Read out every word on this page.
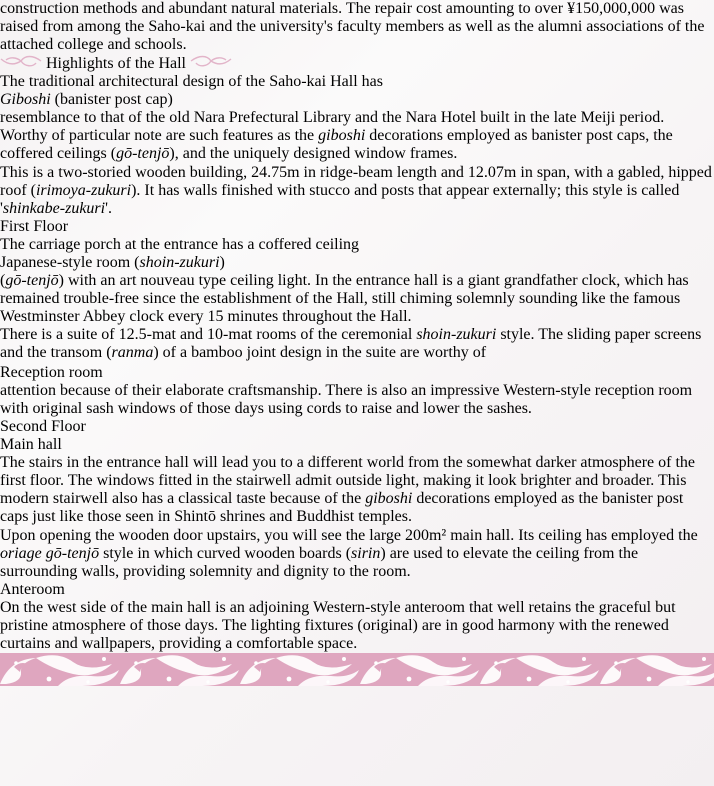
construction methods and abundant natural materials. The repair cost amounting to over ¥150,000,000 was raised from among the Saho-kai and the university's faculty members as well as the alumni associations of the attached college and schools.

Highlights of the Hall

The traditional architectural design of the Saho-kai Hall has

Giboshi (banister post cap)

resemblance to that of the old Nara Prefectural Library and the Nara Hotel built in the late Meiji period. Worthy of particular note are such features as the giboshi decorations employed as banister post caps, the coffered ceilings (gō-tenjō), and the uniquely designed window frames.

This is a two-storied wooden building, 24.75m in ridge-beam length and 12.07m in span, with a gabled, hipped roof (irimoya-zukuri). It has walls finished with stucco and posts that appear externally; this style is called 'shinkabe-zukuri'.

First Floor

The carriage porch at the entrance has a coffered ceiling

Japanese-style room (shoin-zukuri)

(gō-tenjō) with an art nouveau type ceiling light. In the entrance hall is a giant grandfather clock, which has remained trouble-free since the establishment of the Hall, still chiming solemnly sounding like the famous Westminster Abbey clock every 15 minutes throughout the Hall.

There is a suite of 12.5-mat and 10-mat rooms of the ceremonial shoin-zukuri style. The sliding paper screens and the transom (ranma) of a bamboo joint design in the suite are worthy of

Reception room

attention because of their elaborate craftsmanship. There is also an impressive Western-style reception room with original sash windows of those days using cords to raise and lower the sashes.

Second Floor
Main hall

The stairs in the entrance hall will lead you to a different world from the somewhat darker atmosphere of the first floor. The windows fitted in the stairwell admit outside light, making it look brighter and broader. This modern stairwell also has a classical taste because of the giboshi decorations employed as the banister post caps just like those seen in Shintō shrines and Buddhist temples.

Upon opening the wooden door upstairs, you will see the large 200m² main hall. Its ceiling has employed the oriage gō-tenjō style in which curved wooden boards (sirin) are used to elevate the ceiling from the surrounding walls, providing solemnity and dignity to the room.

Anteroom

On the west side of the main hall is an adjoining Western-style anteroom that well retains the graceful but pristine atmosphere of those days. The lighting fixtures (original) are in good harmony with the renewed curtains and wallpapers, providing a comfortable space.
